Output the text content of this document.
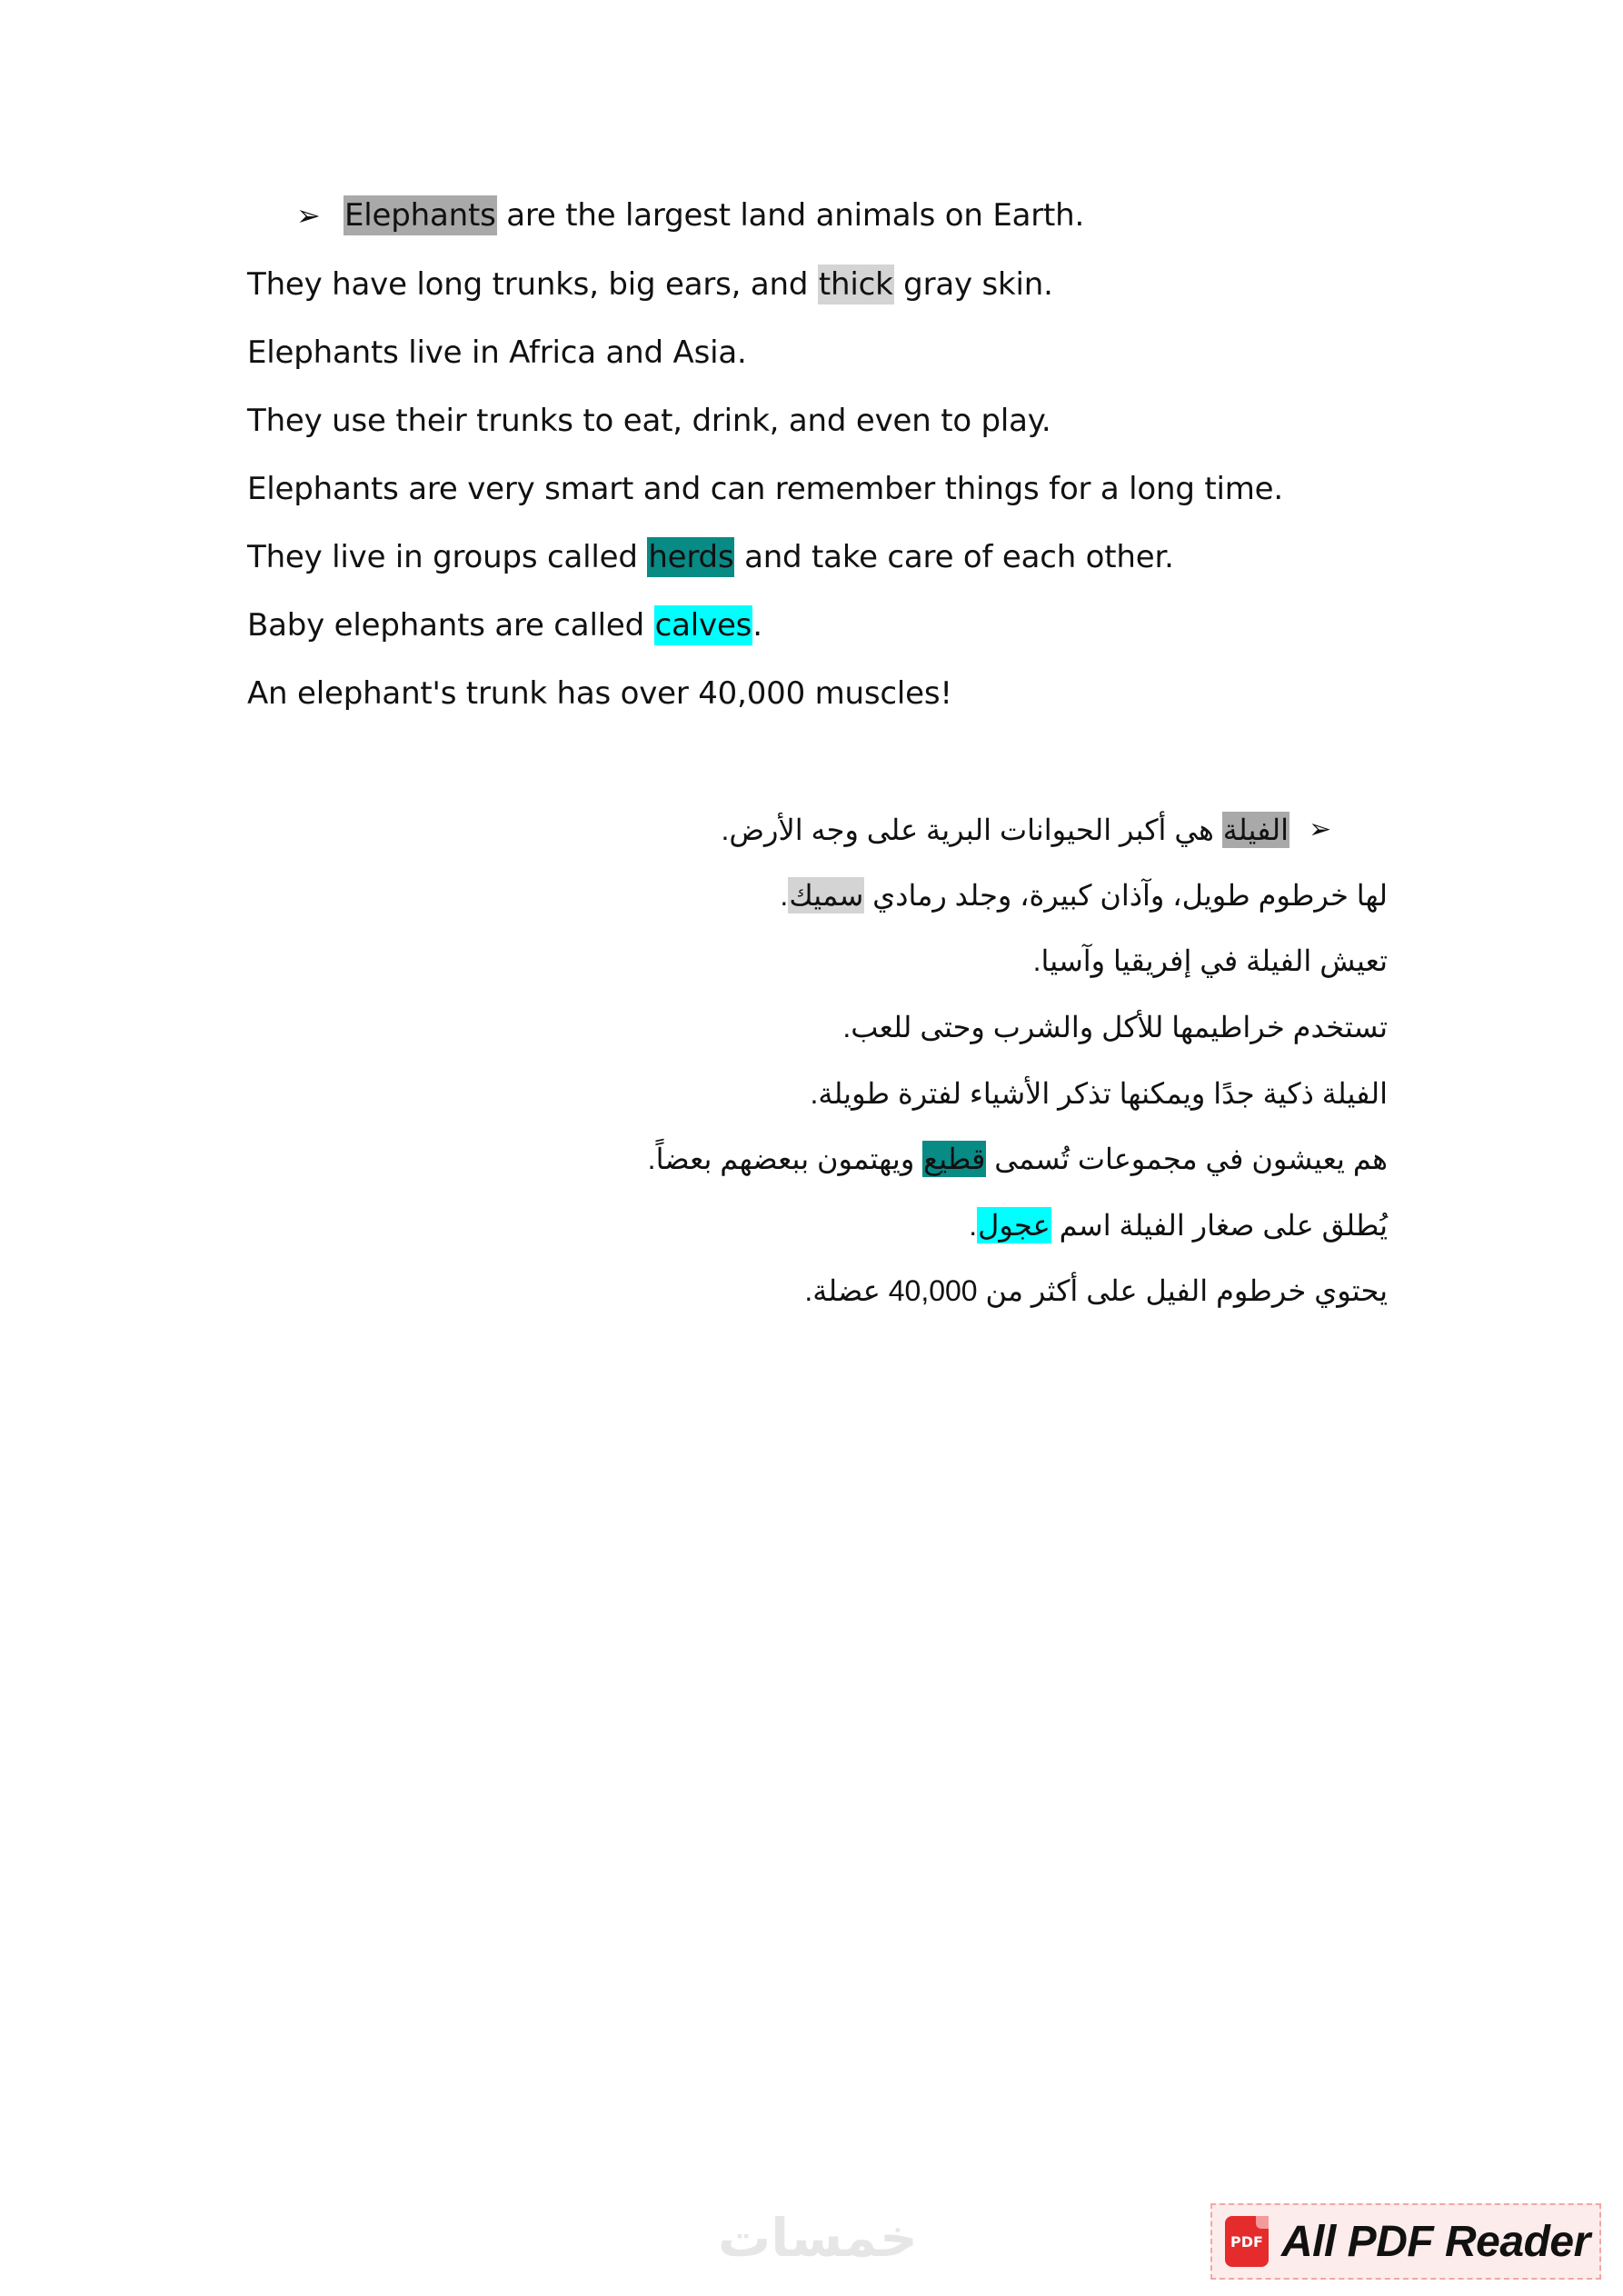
➢ Elephants are the largest land animals on Earth.
They have long trunks, big ears, and thick gray skin.
Elephants live in Africa and Asia.
They use their trunks to eat, drink, and even to play.
Elephants are very smart and can remember things for a long time.
They live in groups called herds and take care of each other.
Baby elephants are called calves.
An elephant's trunk has over 40,000 muscles!
➢
الفيلة هي أكبر الحيوانات البرية على وجه الأرض.
لها خرطوم طويل، وآذان كبيرة، وجلد رمادي سميك.
تعيش الفيلة في إفريقيا وآسيا.
تستخدم خراطيمها للأكل والشرب وحتى للعب.
الفيلة ذكية جدًا ويمكنها تذكر الأشياء لفترة طويلة.
هم يعيشون في مجموعات تُسمى قطيع ويهتمون ببعضهم بعضاً.
يُطلق على صغار الفيلة اسم عجول.
يحتوي خرطوم الفيل على أكثر من 40,000 عضلة.
خمسات	PDF All PDF Reader
